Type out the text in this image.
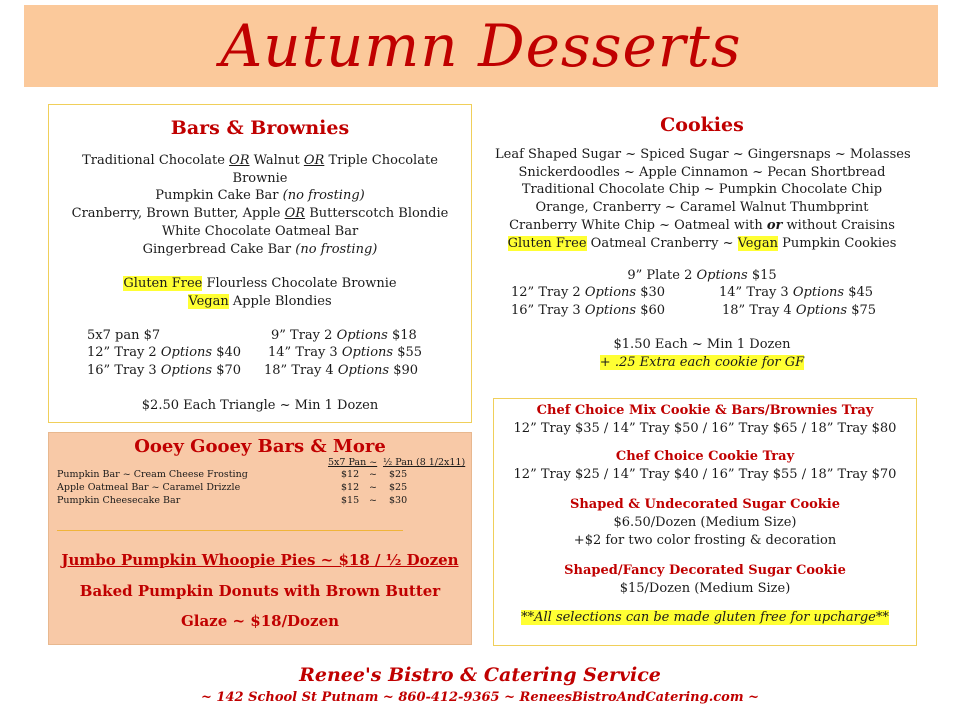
Autumn Desserts
Bars & Brownies
Traditional Chocolate OR Walnut OR Triple Chocolate
Brownie
Pumpkin Cake Bar (no frosting)
Cranberry, Brown Butter, Apple OR Butterscotch Blondie
White Chocolate Oatmeal Bar
Gingerbread Cake Bar (no frosting)
Gluten Free Flourless Chocolate Brownie
Vegan Apple Blondies
5x7 pan $7	9” Tray 2 Options $18
12” Tray 2 Options $40 14” Tray 3 Options $55
16” Tray 3 Options $70 18” Tray 4 Options $90
$2.50 Each Triangle ~ Min 1 Dozen
Ooey Gooey Bars & More
5x7 Pan ~ ½ Pan (8 1/2x11)
Pumpkin Bar ~ Cream Cheese Frosting	$12 ~ $25
Apple Oatmeal Bar ~ Caramel Drizzle	$12 ~ $25
Pumpkin Cheesecake Bar	$15 ~ $30
Jumbo Pumpkin Whoopie Pies ~ $18 / ½ Dozen
Baked Pumpkin Donuts with Brown Butter
Glaze ~ $18/Dozen
Cookies
Leaf Shaped Sugar ~ Spiced Sugar ~ Gingersnaps ~ Molasses
Snickerdoodles ~ Apple Cinnamon ~ Pecan Shortbread
Traditional Chocolate Chip ~ Pumpkin Chocolate Chip
Orange, Cranberry ~ Caramel Walnut Thumbprint
Cranberry White Chip ~ Oatmeal with or without Craisins
Gluten Free Oatmeal Cranberry ~ Vegan Pumpkin Cookies
9” Plate 2 Options $15
12” Tray 2 Options $30	14” Tray 3 Options $45
16” Tray 3 Options $60	18” Tray 4 Options $75
$1.50 Each ~ Min 1 Dozen
+ .25 Extra each cookie for GF
Chef Choice Mix Cookie & Bars/Brownies Tray
12” Tray $35 / 14” Tray $50 / 16” Tray $65 / 18” Tray $80
Chef Choice Cookie Tray
12” Tray $25 / 14” Tray $40 / 16” Tray $55 / 18” Tray $70
Shaped & Undecorated Sugar Cookie
$6.50/Dozen (Medium Size)
+$2 for two color frosting & decoration
Shaped/Fancy Decorated Sugar Cookie
$15/Dozen (Medium Size)
**All selections can be made gluten free for upcharge**
Renee's Bistro & Catering Service
~ 142 School St Putnam ~ 860-412-9365 ~ ReneesBistroAndCatering.com ~
